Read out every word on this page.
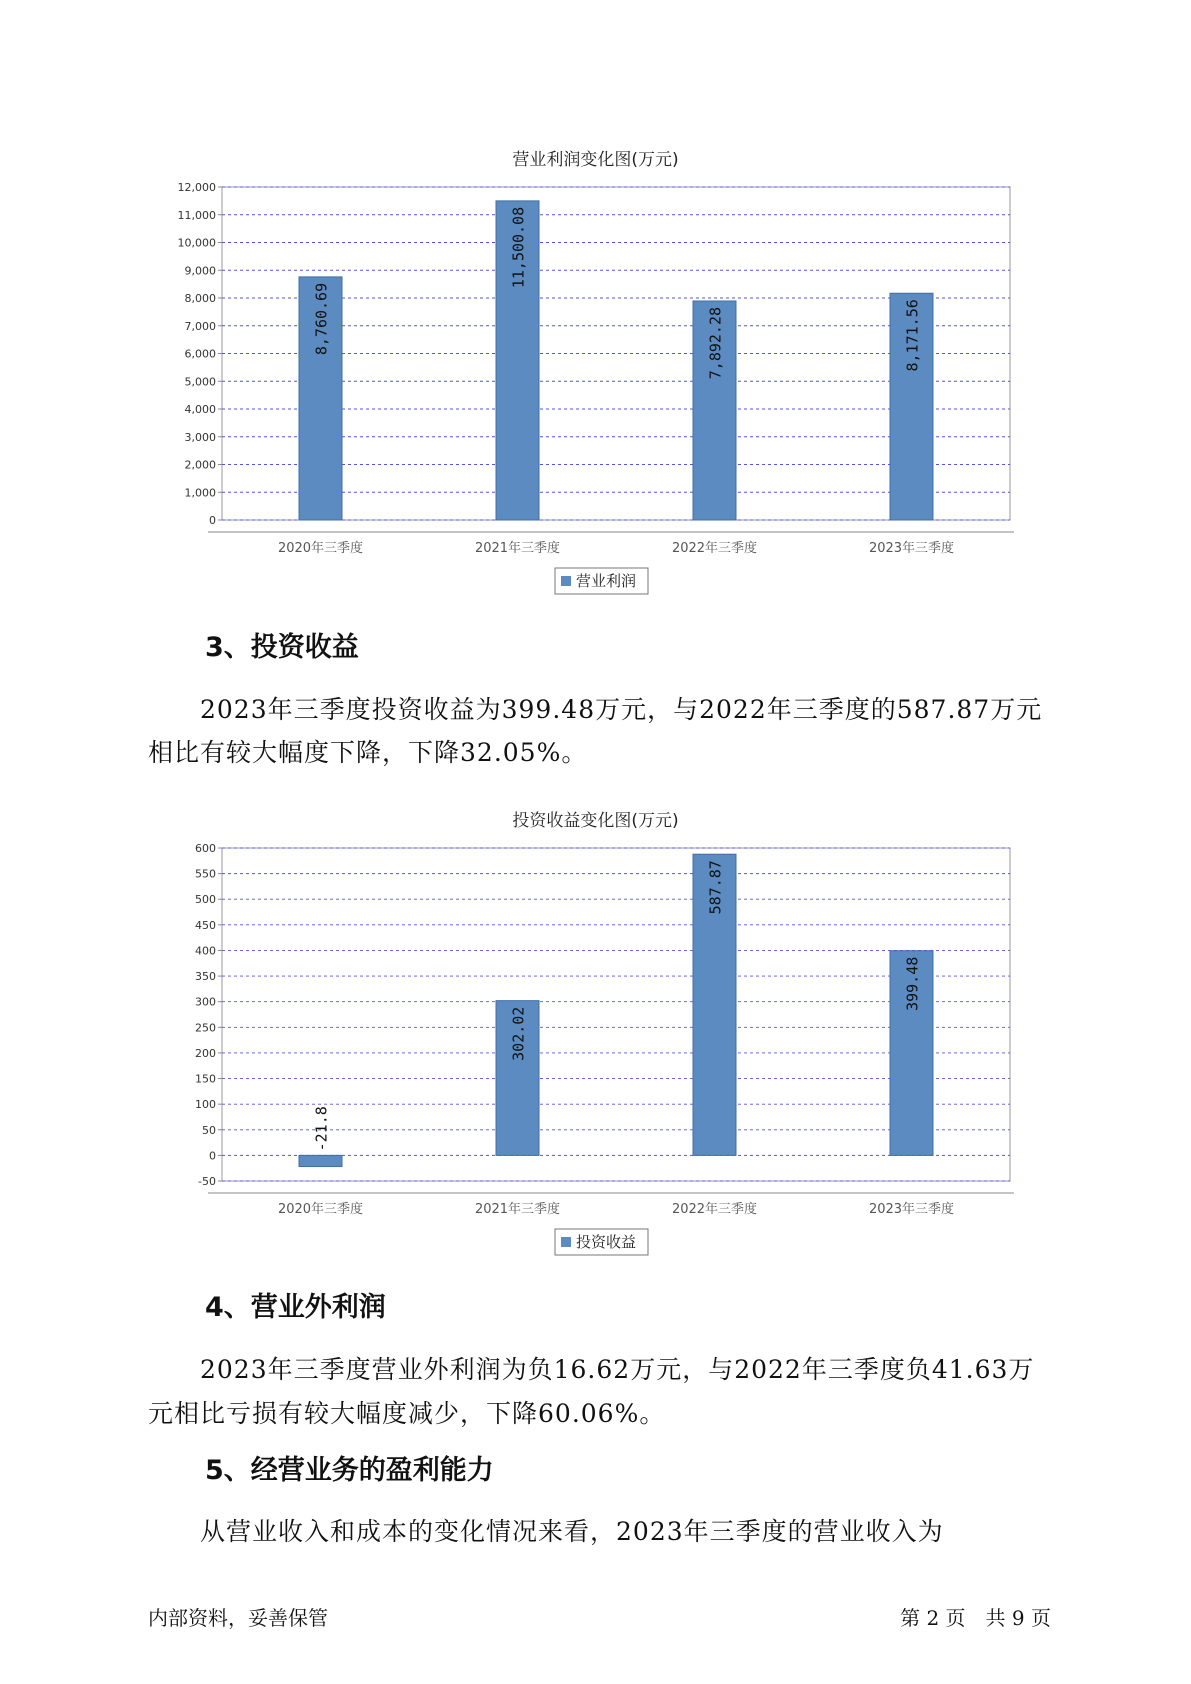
营业利润变化图(万元)
0
1,000
2,000
3,000
4,000
5,000
6,000
7,000
8,000
9,000
10,000
11,000
12,000
8,760.69
2020年三季度
11,500.08
2021年三季度
7,892.28
2022年三季度
8,171.56
2023年三季度
营业利润
3、投资收益
2023年三季度投资收益为399.48万元，与2022年三季度的587.87万元
相比有较大幅度下降，下降32.05%。
投资收益变化图(万元)
-50
0
50
100
150
200
250
300
350
400
450
500
550
600
-21.8
2020年三季度
302.02
2021年三季度
587.87
2022年三季度
399.48
2023年三季度
投资收益
4、营业外利润
2023年三季度营业外利润为负16.62万元，与2022年三季度负41.63万
元相比亏损有较大幅度减少，下降60.06%。
5、经营业务的盈利能力
从营业收入和成本的变化情况来看，2023年三季度的营业收入为
内部资料，妥善保管	第 2 页　共 9 页
